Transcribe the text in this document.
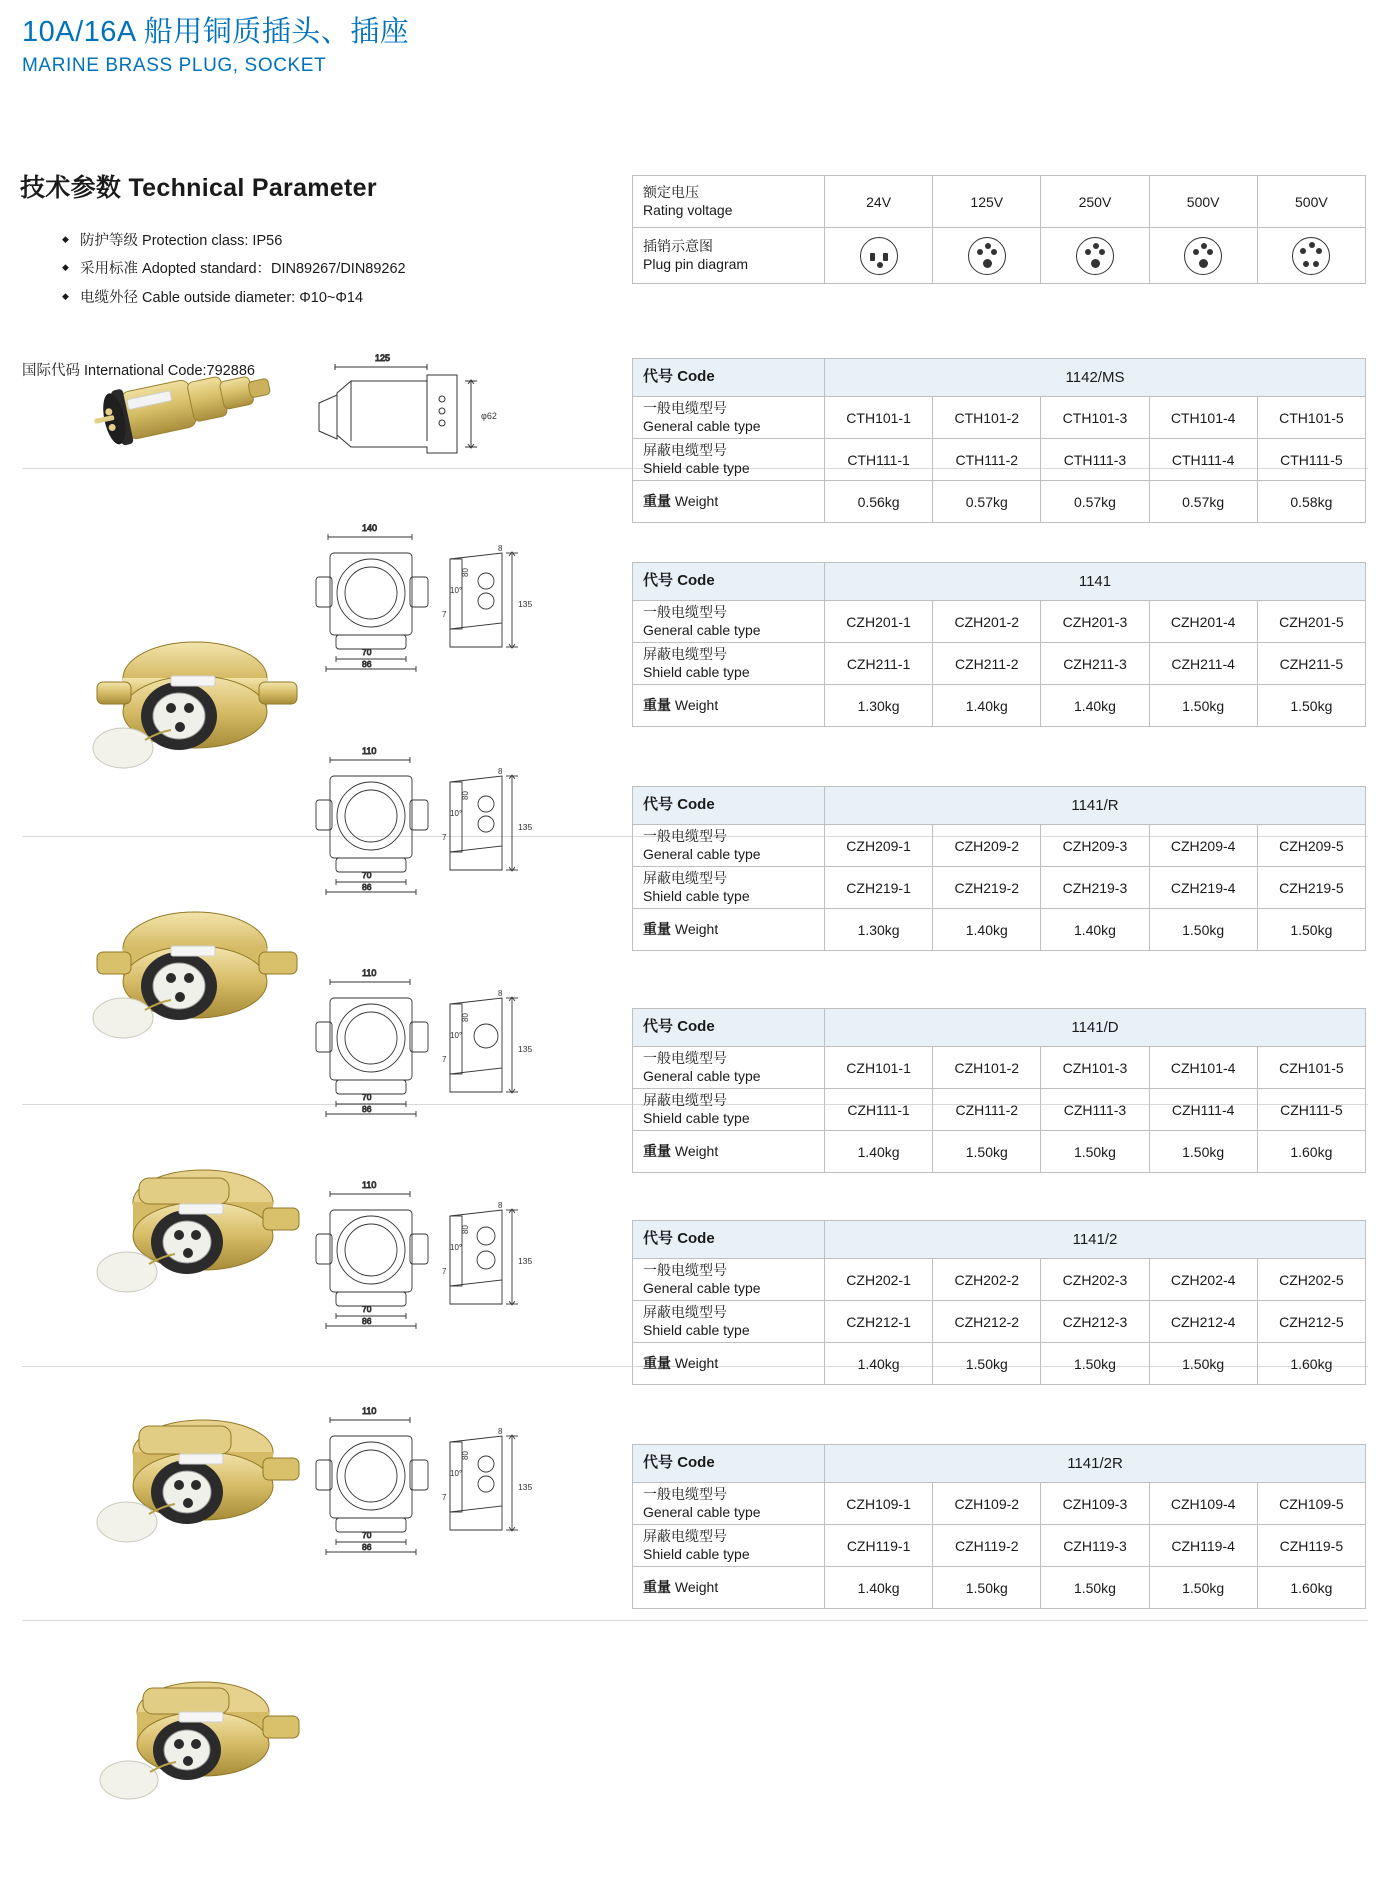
10A/16A 船用铜质插头、插座
MARINE BRASS PLUG, SOCKET
技术参数 Technical Parameter
◆ 防护等级 Protection class: IP56
◆ 采用标准 Adopted standard：DIN89267/DIN89262
◆ 电缆外径 Cable outside diameter: Φ10~Φ14
国际代码 International Code:792886
额定电压
Rating voltage	24V	125V	250V	500V	500V

插销示意图
Plug pin diagram					

125
φ62
代号 Code	1142/MS				

一般电缆型号
General cable type	CTH101-1	CTH101-2	CTH101-3	CTH101-4	CTH101-5

屏蔽电缆型号
Shield cable type	CTH111-1	CTH111-2	CTH111-3	CTH111-4	CTH111-5
重量 Weight	0.56kg	0.57kg	0.57kg	0.57kg	0.58kg
140
70
86
135
80
10°
7
8
代号 Code	1141				

一般电缆型号
General cable type	CZH201-1	CZH201-2	CZH201-3	CZH201-4	CZH201-5

屏蔽电缆型号
Shield cable type	CZH211-1	CZH211-2	CZH211-3	CZH211-4	CZH211-5
重量 Weight	1.30kg	1.40kg	1.40kg	1.50kg	1.50kg
110
70
86
135
80
10°
7
8
代号 Code	1141/R				

一般电缆型号
General cable type	CZH209-1	CZH209-2	CZH209-3	CZH209-4	CZH209-5

屏蔽电缆型号
Shield cable type	CZH219-1	CZH219-2	CZH219-3	CZH219-4	CZH219-5
重量 Weight	1.30kg	1.40kg	1.40kg	1.50kg	1.50kg
110
70
86
135
80
10°
7
8
代号 Code	1141/D				

一般电缆型号
General cable type	CZH101-1	CZH101-2	CZH101-3	CZH101-4	CZH101-5

屏蔽电缆型号
Shield cable type	CZH111-1	CZH111-2	CZH111-3	CZH111-4	CZH111-5
重量 Weight	1.40kg	1.50kg	1.50kg	1.50kg	1.60kg
110
70
86
135
80
10°
7
8
代号 Code	1141/2				

一般电缆型号
General cable type	CZH202-1	CZH202-2	CZH202-3	CZH202-4	CZH202-5

屏蔽电缆型号
Shield cable type	CZH212-1	CZH212-2	CZH212-3	CZH212-4	CZH212-5
重量 Weight	1.40kg	1.50kg	1.50kg	1.50kg	1.60kg
110
70
86
135
80
10°
7
8
代号 Code	1141/2R				

一般电缆型号
General cable type	CZH109-1	CZH109-2	CZH109-3	CZH109-4	CZH109-5

屏蔽电缆型号
Shield cable type	CZH119-1	CZH119-2	CZH119-3	CZH119-4	CZH119-5
重量 Weight	1.40kg	1.50kg	1.50kg	1.50kg	1.60kg
